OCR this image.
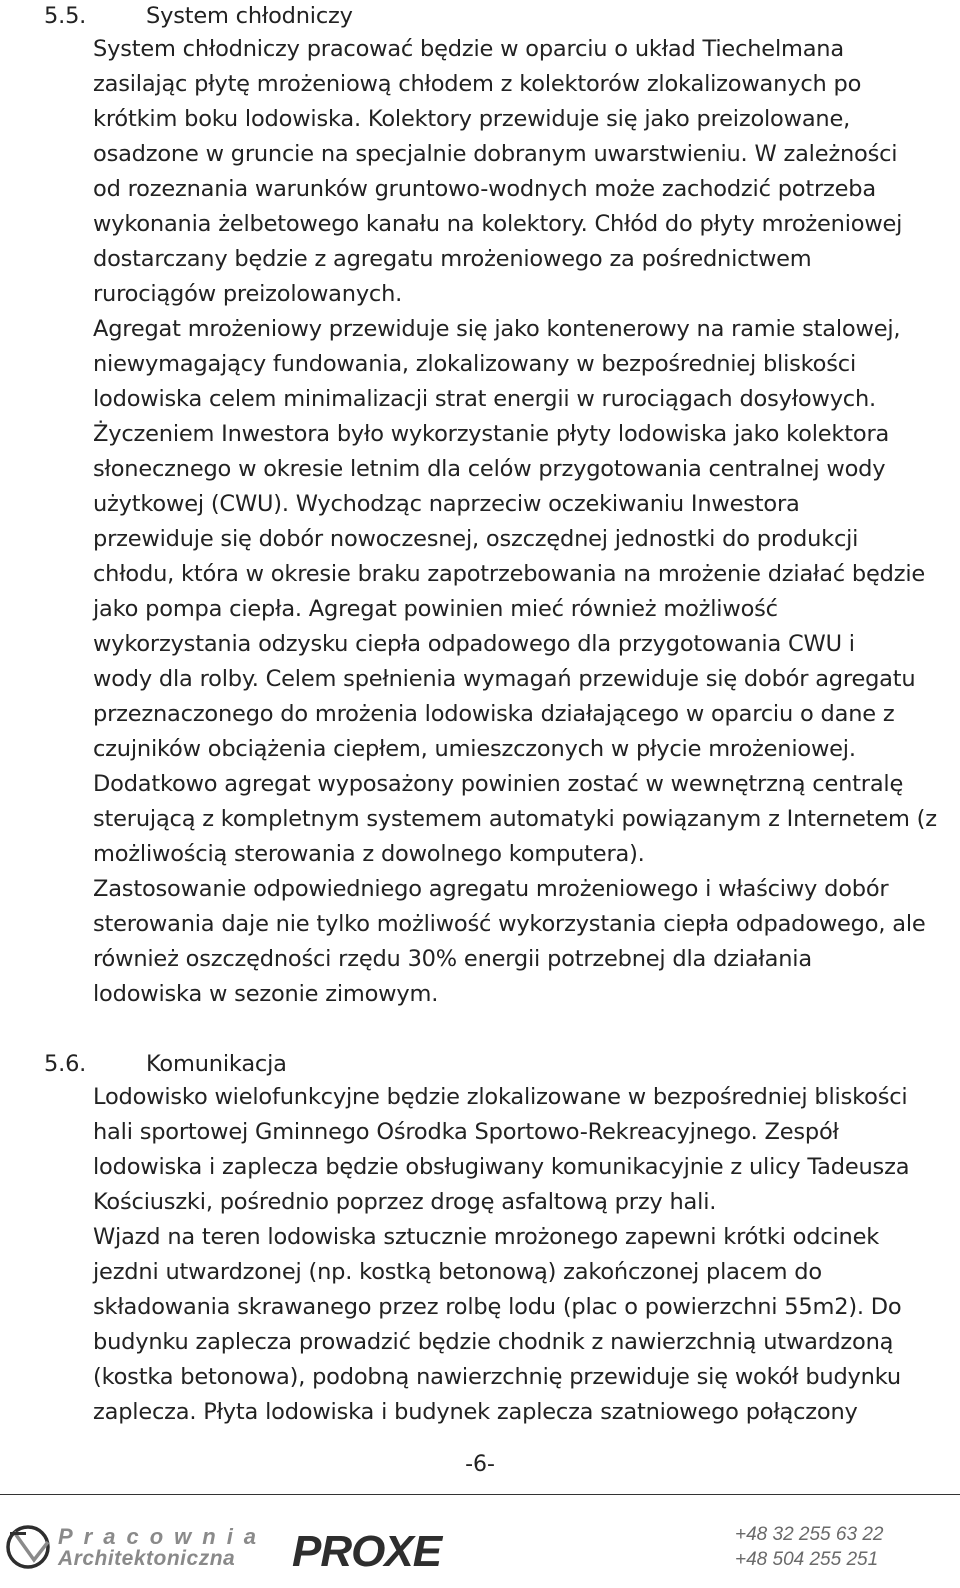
5.5.	System chłodniczy
System chłodniczy pracować będzie w oparciu o układ Tiechelmana
zasilając płytę mrożeniową chłodem z kolektorów zlokalizowanych po
krótkim boku lodowiska. Kolektory przewiduje się jako preizolowane,
osadzone w gruncie na specjalnie dobranym uwarstwieniu. W zależności
od rozeznania warunków gruntowo-wodnych może zachodzić potrzeba
wykonania żelbetowego kanału na kolektory. Chłód do płyty mrożeniowej
dostarczany będzie z agregatu mrożeniowego za pośrednictwem
rurociągów preizolowanych.
Agregat mrożeniowy przewiduje się jako kontenerowy na ramie stalowej,
niewymagający fundowania, zlokalizowany w bezpośredniej bliskości
lodowiska celem minimalizacji strat energii w rurociągach dosyłowych.
Życzeniem Inwestora było wykorzystanie płyty lodowiska jako kolektora
słonecznego w okresie letnim dla celów przygotowania centralnej wody
użytkowej (CWU). Wychodząc naprzeciw oczekiwaniu Inwestora
przewiduje się dobór nowoczesnej, oszczędnej jednostki do produkcji
chłodu, która w okresie braku zapotrzebowania na mrożenie działać będzie
jako pompa ciepła. Agregat powinien mieć również możliwość
wykorzystania odzysku ciepła odpadowego dla przygotowania CWU i
wody dla rolby. Celem spełnienia wymagań przewiduje się dobór agregatu
przeznaczonego do mrożenia lodowiska działającego w oparciu o dane z
czujników obciążenia ciepłem, umieszczonych w płycie mrożeniowej.
Dodatkowo agregat wyposażony powinien zostać w wewnętrzną centralę
sterującą z kompletnym systemem automatyki powiązanym z Internetem (z
możliwością sterowania z dowolnego komputera).
Zastosowanie odpowiedniego agregatu mrożeniowego i właściwy dobór
sterowania daje nie tylko możliwość wykorzystania ciepła odpadowego, ale
również oszczędności rzędu 30% energii potrzebnej dla działania
lodowiska w sezonie zimowym.
5.6.	Komunikacja
Lodowisko wielofunkcyjne będzie zlokalizowane w bezpośredniej bliskości
hali sportowej Gminnego Ośrodka Sportowo-Rekreacyjnego. Zespół
lodowiska i zaplecza będzie obsługiwany komunikacyjnie z ulicy Tadeusza
Kościuszki, pośrednio poprzez drogę asfaltową przy hali.
Wjazd na teren lodowiska sztucznie mrożonego zapewni krótki odcinek
jezdni utwardzonej (np. kostką betonową) zakończonej placem do
składowania skrawanego przez rolbę lodu (plac o powierzchni 55m2). Do
budynku zaplecza prowadzić będzie chodnik z nawierzchnią utwardzoną
(kostka betonowa), podobną nawierzchnię przewiduje się wokół budynku
zaplecza. Płyta lodowiska i budynek zaplecza szatniowego połączony
-6-
Pracownia
Architektoniczna PROXE	+48 32 255 63 22
+48 504 255 251
